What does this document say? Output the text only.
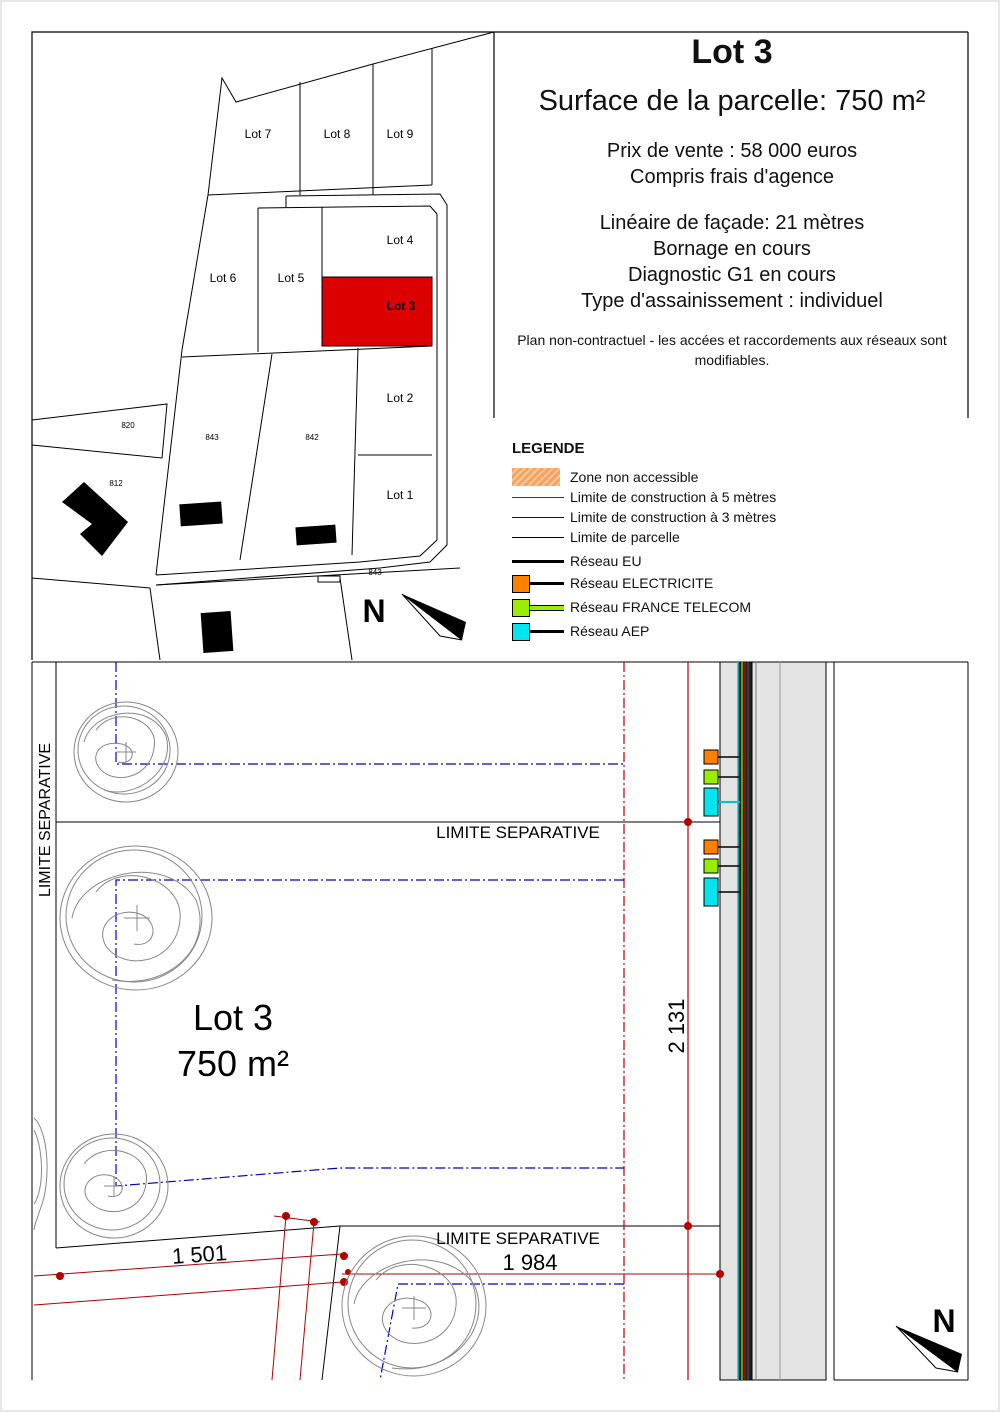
Lot 7	Lot 8	Lot 9
Lot 4
Lot 6	Lot 5
Lot 3
Lot 2
Lot 1
820
843	842
812
843
N
LIMITE SEPARATIVE	LIMITE SEPARATIVE
LIMITE SEPARATIVE
Lot 3
750 m²
2 131
1 501	1 984
N
Lot 3
Surface de la parcelle: 750 m²
Prix de vente : 58 000 euros
Compris frais d'agence
Linéaire de façade: 21 mètres
Bornage en cours
Diagnostic G1 en cours
Type d'assainissement : individuel
Plan non-contractuel - les accées et raccordements aux réseaux sont modifiables.
LEGENDE
Zone non accessible
Limite de construction à 5 mètres
Limite de construction à 3 mètres
Limite de parcelle
Réseau EU
Réseau ELECTRICITE
Réseau FRANCE TELECOM
Réseau AEP
